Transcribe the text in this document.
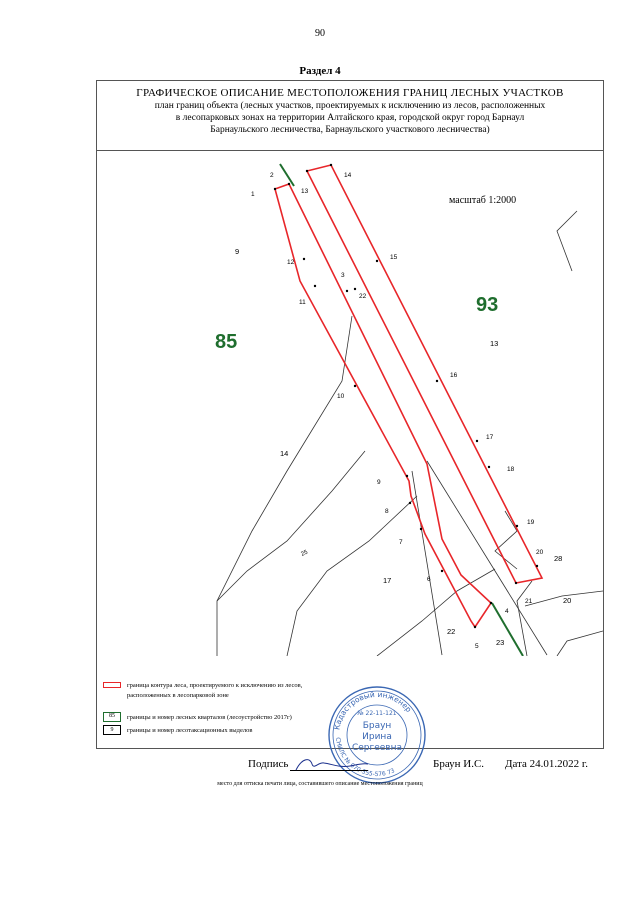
90
Раздел 4
ГРАФИЧЕСКОЕ ОПИСАНИЕ МЕСТОПОЛОЖЕНИЯ ГРАНИЦ ЛЕСНЫХ УЧАСТКОВ
план границ объекта (лесных участков, проектируемых к исключению из лесов, расположенных
в лесопарковых зонах на территории Алтайского края, городской округ город Барнаул
Барнаульского лесничества, Барнаульского участкового лесничества)
1
2
3
4
5
6
7
8
9
10
11
12
13
14
15
16
17
18
19
20
21
22
9
13
14
17
20
22
23
28
25
85
93
масштаб 1:2000
граница контура леса, проектируемого к исключению из лесов,
расположенных в лесопарковой зоне
85	границы и номер лесных кварталов (лесоустройство 2017г)
9	границы и номер лесотаксационных выделов	Кадастровый инженер
СНИЛС № 070-355-576 73
№ 22-11-121
Браун
Ирина
Сергеевна
Подпись	Браун И.С. Дата 24.01.2022 г.
место для оттиска печати лица, составившего описание местоположения границ
